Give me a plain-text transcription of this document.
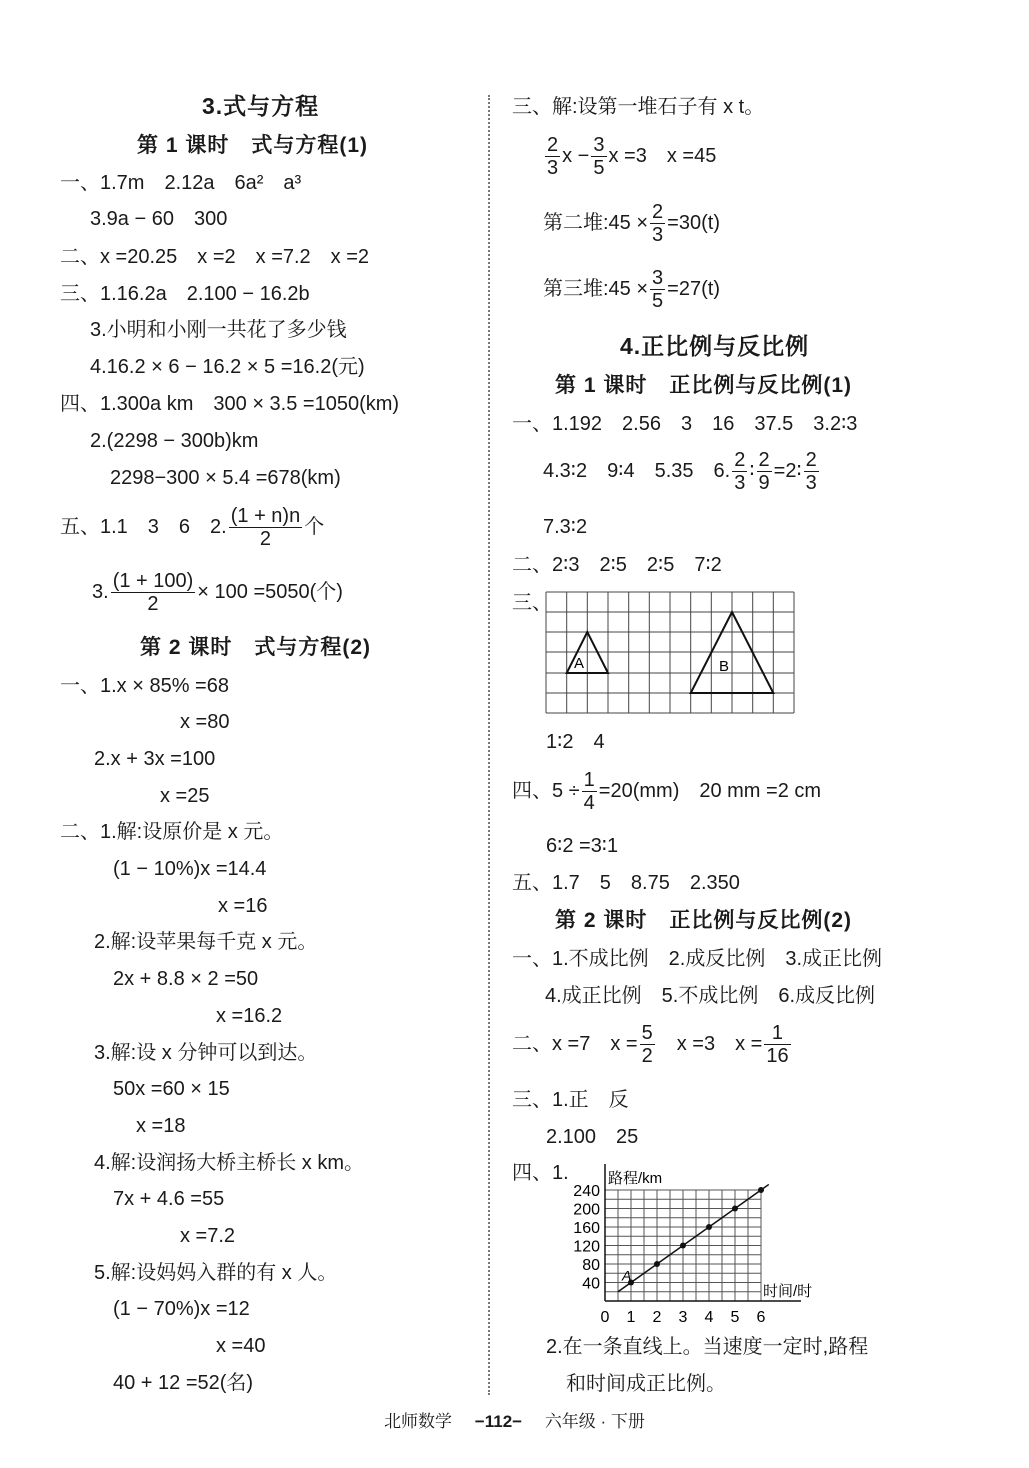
3.式与方程
第 1 课时　式与方程(1)
一、1.7m　2.12a　6a²　a³
3.9a − 60　300
二、x =20.25　x =2　x =7.2　x =2
三、1.16.2a　2.100 − 16.2b
3.小明和小刚一共花了多少钱
4.16.2 × 6 − 16.2 × 5 =16.2(元)
四、1.300a km　300 × 3.5 =1050(km)
2.(2298 − 300b)km
2298−300 × 5.4 =678(km)
五、1.1　3　6　2. $\frac{(1 + n)n}{2}$ 个
3. $\frac{(1 + 100)}{2} \times 100 =5050$(个)
第 2 课时　式与方程(2)
一、1.x × 85% =68
x =80
2.x + 3x =100
x =25
二、1.解:设原价是 x 元。
(1 − 10%)x =14.4
x =16
2.解:设苹果每千克 x 元。
2x + 8.8 × 2 =50
x =16.2
3.解:设 x 分钟可以到达。
50x =60 × 15
x =18
4.解:设润扬大桥主桥长 x km。
7x + 4.6 =55
x =7.2
5.解:设妈妈入群的有 x 人。
(1 − 70%)x =12
x =40
40 + 12 =52(名)
三、解:设第一堆石子有 x t。
$\frac{2}{3}$ $x - \frac{3}{5}$ x =3　x =45
第二堆:45 × $\frac{2}{3} =30(t)$
第三堆:45 × $\frac{3}{5} =27(t)$
4.正比例与反比例
第 1 课时　正比例与反比例(1)
一、1.192　2.56　3　16　37.5　3.2∶3
4.3∶2　9∶4　5.35　6. $\frac{2}{3}$ ∶ $\frac{2}{9}$ =2∶ $\frac{2}{3}$
7.3∶2
二、2∶3　2∶5　2∶5　7∶2
三、
A	B
1∶2　4
四、$5 \div \frac{1}{4} =20(mm)$　20 mm =2 cm
6∶2 =3∶1
五、1.7　5　8.75　2.350
第 2 课时　正比例与反比例(2)
一、1.不成比例　2.成反比例　3.成正比例
4.成正比例　5.不成比例　6.成反比例
二、x =7　$x = \frac{5}{2}$
　 x =3　$x = \frac{1}{16}$
三、1.正　反
2.100　25
四、1.	路程/km
时间/时
40
80
120
160
200
240
0 1 2 3 4 5 6
A
2.在一条直线上。当速度一定时,路程
和时间成正比例。
北师数学 −112− 六年级 · 下册
